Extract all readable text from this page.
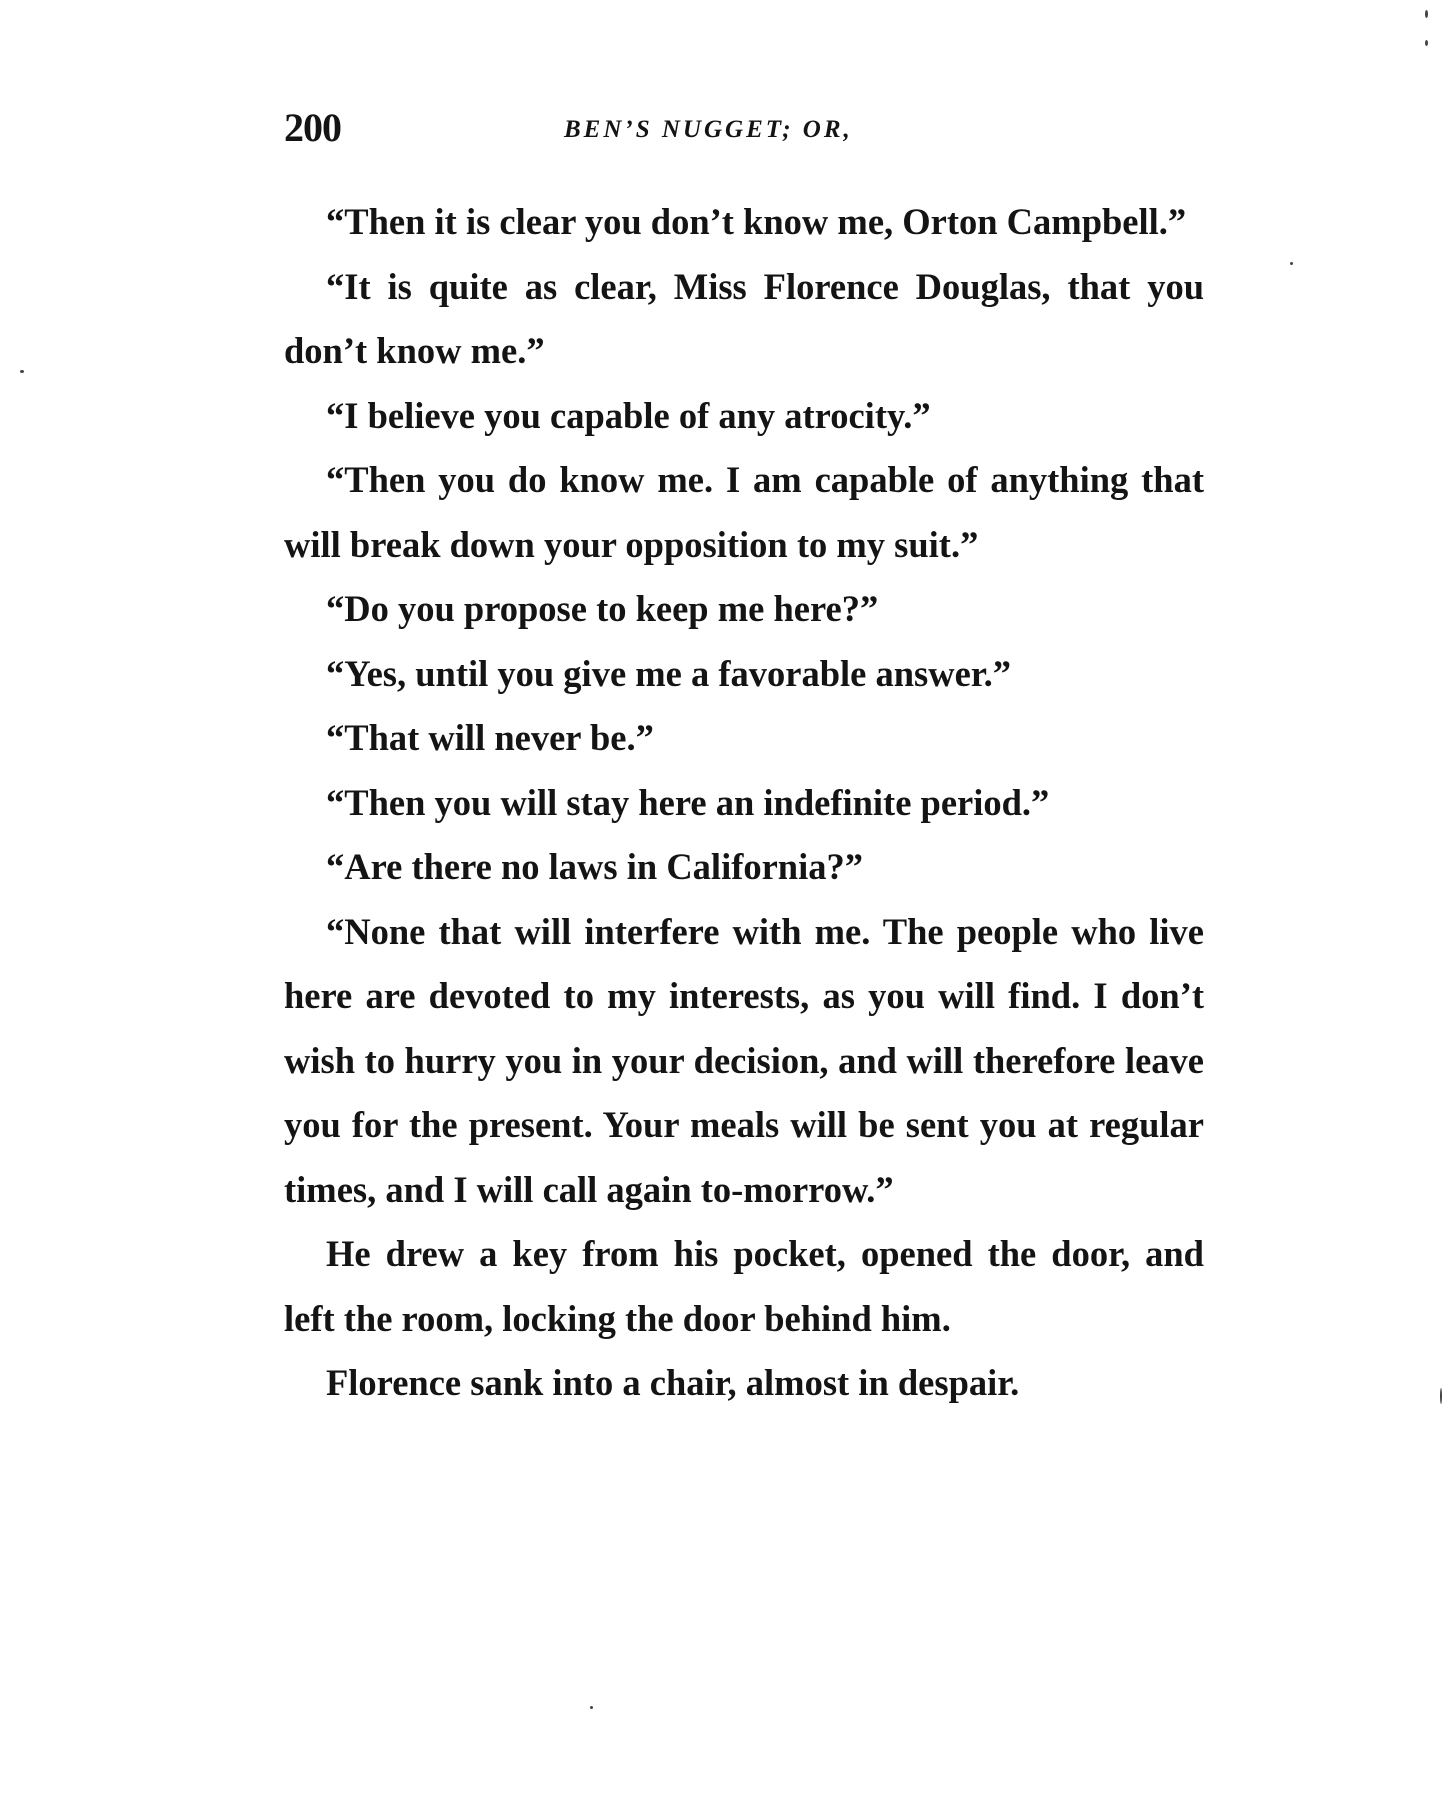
200	BEN’S NUGGET; OR,

“Then it is clear you don’t know me, Orton Campbell.”

“It is quite as clear, Miss Florence Douglas, that you don’t know me.”

“I believe you capable of any atrocity.”

“Then you do know me. I am capable of anything that will break down your opposition to my suit.”

“Do you propose to keep me here?”

“Yes, until you give me a favorable answer.”

“That will never be.”

“Then you will stay here an indefinite period.”

“Are there no laws in California?”

“None that will interfere with me. The people who live here are devoted to my interests, as you will find. I don’t wish to hurry you in your decision, and will therefore leave you for the present. Your meals will be sent you at regular times, and I will call again to-morrow.”

He drew a key from his pocket, opened the door, and left the room, locking the door behind him.

Florence sank into a chair, almost in despair.
